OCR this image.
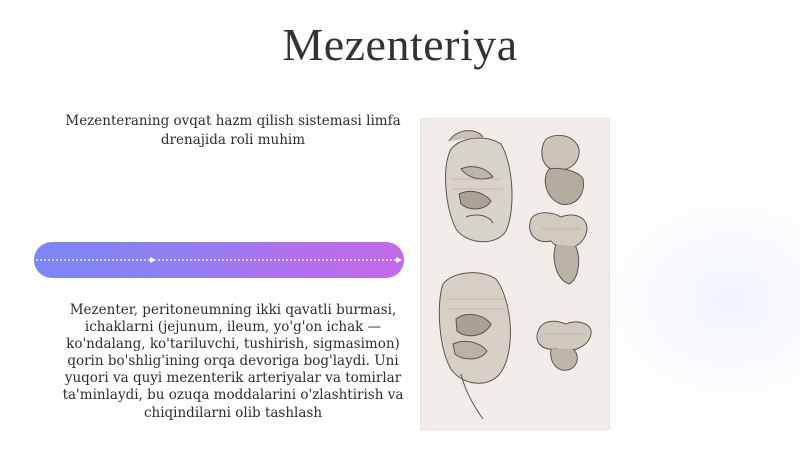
Mezenteriya
Mezenteraning ovqat hazm qilish sistemasi limfa drenajida roli muhim
Mezenter, peritoneumning ikki qavatli burmasi, ichaklarni (jejunum, ileum, yo'g'on ichak — ko'ndalang, ko'tariluvchi, tushirish, sigmasimon) qorin bo'shlig'ining orqa devoriga bog'laydi. Uni yuqori va quyi mezenterik arteriyalar va tomirlar ta'minlaydi, bu ozuqa moddalarini o'zlashtirish va chiqindilarni olib tashlash
